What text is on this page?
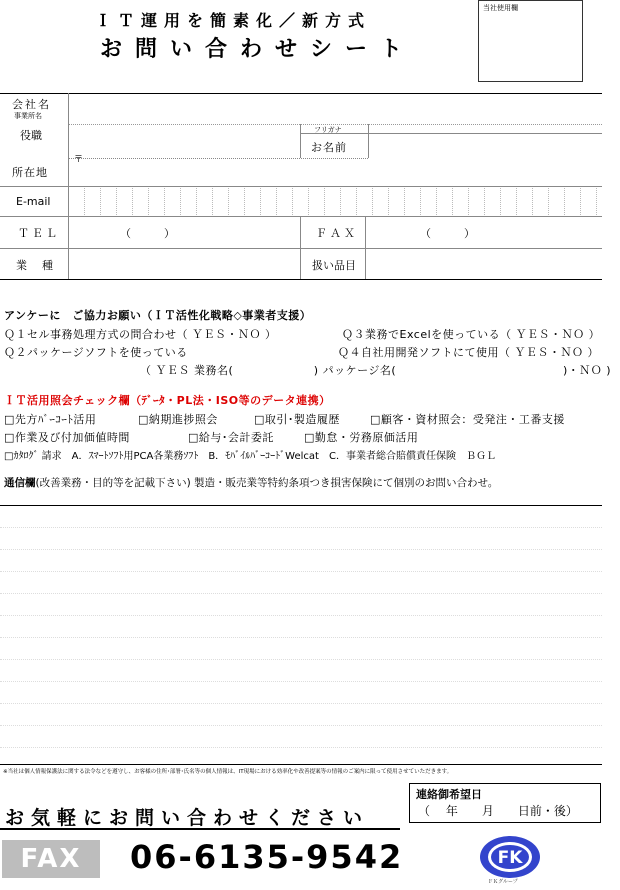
ＩＴ運用を簡素化／新方式
お問い合わせシート
当社使用欄
会社名
事業所名
役職	フリガナ
お名前
所在地
〒
E-mail
ＴＥＬ	（　　　）	ＦＡＸ	（　　　）
業　種	扱い品目
アンケーに　ご協力お願い（ＩＴ活性化戦略◇事業者支援）
Ｑ１セル事務処理方式の問合わせ（ ＹＥＳ・ＮＯ ）	Ｑ３業務でExcelを使っている（ ＹＥＳ・ＮＯ ）
Ｑ２パッケージソフトを使っている	Ｑ４自社用開発ソフトにて使用（ ＹＥＳ・ＮＯ ）
（ ＹＥＳ 業務名(　　　　　　　) パッケージ名(	)・ＮＯ )
ＩＴ活用照会チェック欄（ﾃﾞｰﾀ・PL法・ISO等のデータ連携）
□先方ﾊﾞｰｺｰﾄ活用	□納期進捗照会	□取引･製造履歴	□顧客・資材照会：受発注・工番支援
□作業及び付加価値時間	□給与･会計委託	□勤怠・労務原価活用
□ｶﾀﾛｸﾞ 請求　A．ｽﾏｰﾄｿﾌﾄ用PCA各業務ｿﾌﾄ　B．ﾓﾊﾞｲﾙﾊﾞｰｺｰﾄﾞWelcat　C．事業者総合賠償責任保険　ＢＧＬ
通信欄(改善業務・目的等を記載下さい) 製造・販売業等特約条項つき損害保険にて個別のお問い合わせ。
※当社は個人情報保護法に関する法令などを遵守し、お客様の住所･部署･氏名等の個人情報は、IT現場における効率化や改善提案等の情報のご案内に限って使用させていただきます。
連絡御希望日
（　 年　　月　　日前・後）
お気軽にお問い合わせください
FAX	06-6135-9542	FK
ＦＫグループ
